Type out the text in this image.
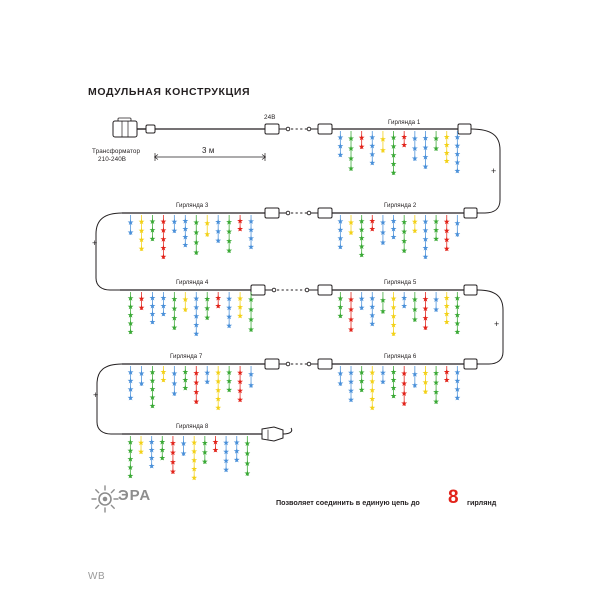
МОДУЛЬНАЯ КОНСТРУКЦИЯ
Трансформатор
210-240В
3 м
24В
Гирлянда 1
Гирлянда 2
Гирлянда 3
Гирлянда 4	Гирлянда 5
Гирлянда 6
Гирлянда 7
Гирлянда 8
+
+
+
+
ЭРА	Позволяет соединить в единую цепь до 8 гирлянд
WB
